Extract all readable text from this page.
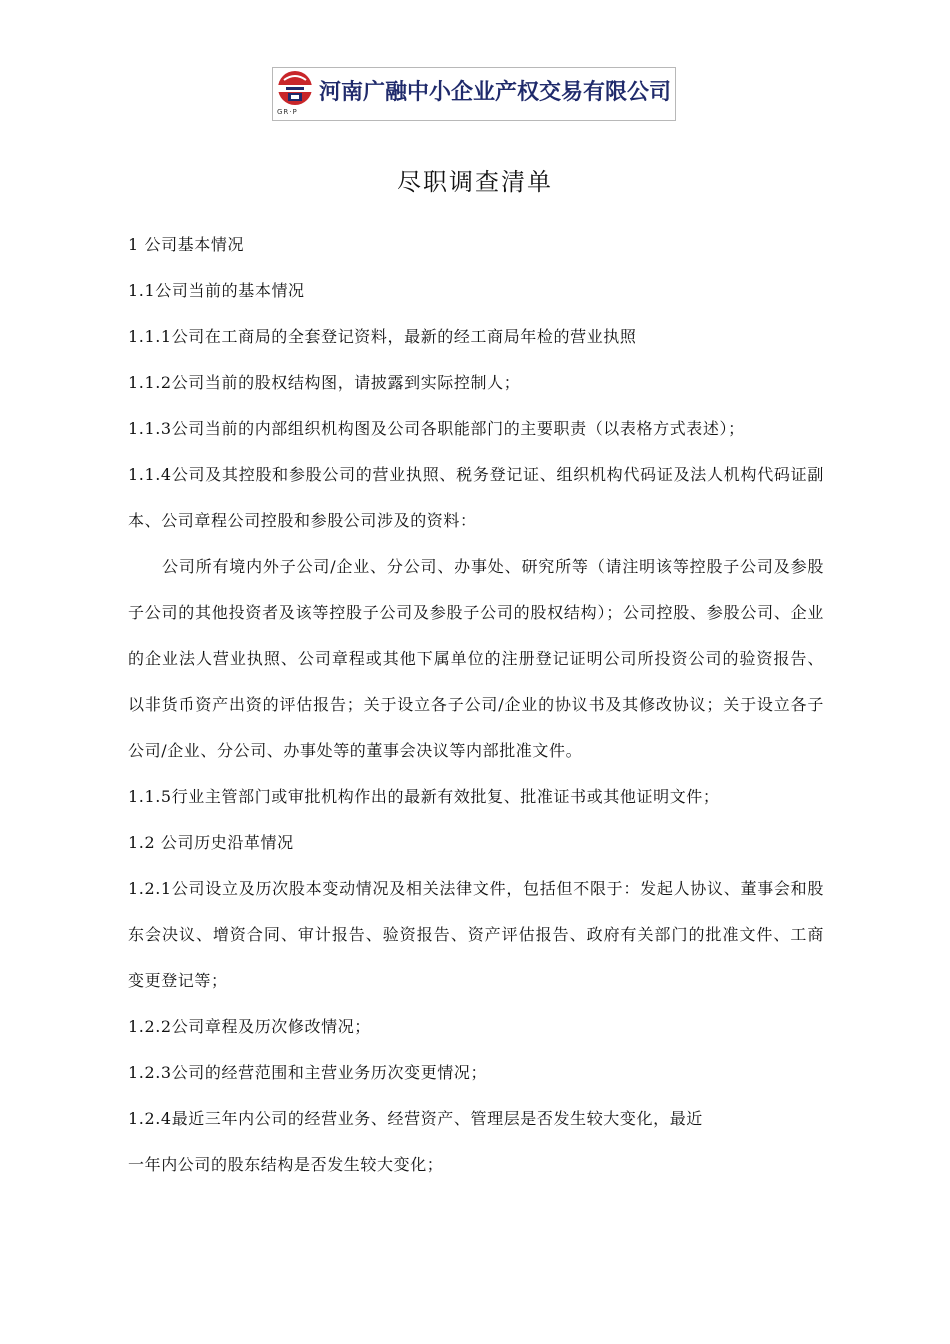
GR·P
河南广融中小企业产权交易有限公司
尽职调查清单

1 公司基本情况

1.1公司当前的基本情况

1.1.1公司在工商局的全套登记资料，最新的经工商局年检的营业执照

1.1.2公司当前的股权结构图，请披露到实际控制人；

1.1.3公司当前的内部组织机构图及公司各职能部门的主要职责（以表格方式表述）；

1.1.4公司及其控股和参股公司的营业执照、税务登记证、组织机构代码证及法人机构代码证副本、公司章程公司控股和参股公司涉及的资料：

公司所有境内外子公司/企业、分公司、办事处、研究所等（请注明该等控股子公司及参股子公司的其他投资者及该等控股子公司及参股子公司的股权结构）；公司控股、参股公司、企业的企业法人营业执照、公司章程或其他下属单位的注册登记证明公司所投资公司的验资报告、以非货币资产出资的评估报告；关于设立各子公司/企业的协议书及其修改协议；关于设立各子公司/企业、分公司、办事处等的董事会决议等内部批准文件。

1.1.5行业主管部门或审批机构作出的最新有效批复、批准证书或其他证明文件；

1.2 公司历史沿革情况

1.2.1公司设立及历次股本变动情况及相关法律文件，包括但不限于：发起人协议、董事会和股东会决议、增资合同、审计报告、验资报告、资产评估报告、政府有关部门的批准文件、工商变更登记等；

1.2.2公司章程及历次修改情况；

1.2.3公司的经营范围和主营业务历次变更情况；

1.2.4最近三年内公司的经营业务、经营资产、管理层是否发生较大变化，最近

一年内公司的股东结构是否发生较大变化；
